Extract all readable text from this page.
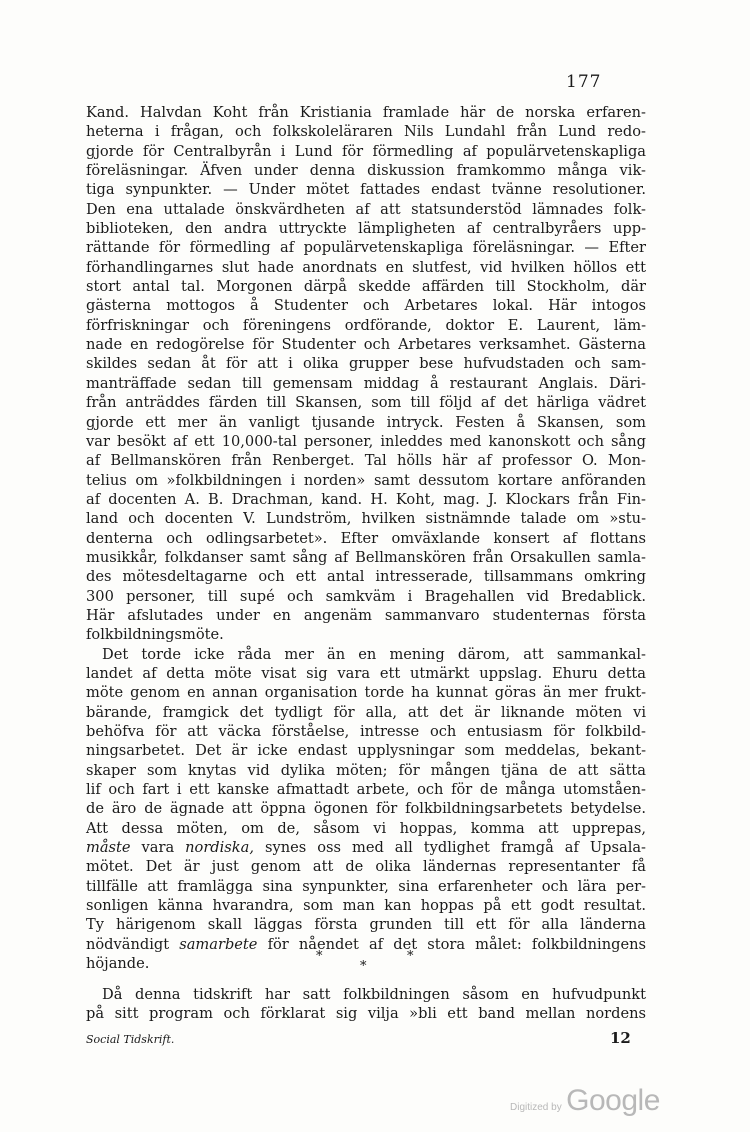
177
Kand. Halvdan Koht från Kristiania framlade här de norska erfaren-
heterna i frågan, och folkskoleläraren Nils Lundahl från Lund redo-
gjorde för Centralbyrån i Lund för förmedling af populärvetenskapliga
föreläsningar. Äfven under denna diskussion framkommo många vik-
tiga synpunkter. — Under mötet fattades endast tvänne resolutioner.
Den ena uttalade önskvärdheten af att statsunderstöd lämnades folk-
biblioteken, den andra uttryckte lämpligheten af centralbyråers upp-
rättande för förmedling af populärvetenskapliga föreläsningar. — Efter
förhandlingarnes slut hade anordnats en slutfest, vid hvilken höllos ett
stort antal tal. Morgonen därpå skedde affärden till Stockholm, där
gästerna mottogos å Studenter och Arbetares lokal. Här intogos
förfriskningar och föreningens ordförande, doktor E. Laurent, läm-
nade en redogörelse för Studenter och Arbetares verksamhet. Gästerna
skildes sedan åt för att i olika grupper bese hufvudstaden och sam-
manträffade sedan till gemensam middag å restaurant Anglais. Däri-
från anträddes färden till Skansen, som till följd af det härliga vädret
gjorde ett mer än vanligt tjusande intryck. Festen å Skansen, som
var besökt af ett 10,000-tal personer, inleddes med kanonskott och sång
af Bellmanskören från Renberget. Tal hölls här af professor O. Mon-
telius om »folkbildningen i norden» samt dessutom kortare anföranden
af docenten A. B. Drachman, kand. H. Koht, mag. J. Klockars från Fin-
land och docenten V. Lundström, hvilken sistnämnde talade om »stu-
denterna och odlingsarbetet». Efter omväxlande konsert af flottans
musikkår, folkdanser samt sång af Bellmanskören från Orsakullen samla-
des mötesdeltagarne och ett antal intresserade, tillsammans omkring
300 personer, till supé och samkväm i Bragehallen vid Bredablick.
Här afslutades under en angenäm sammanvaro studenternas första
folkbildningsmöte.
Det torde icke råda mer än en mening därom, att sammankal-
landet af detta möte visat sig vara ett utmärkt uppslag. Ehuru detta
möte genom en annan organisation torde ha kunnat göras än mer frukt-
bärande, framgick det tydligt för alla, att det är liknande möten vi
behöfva för att väcka förståelse, intresse och entusiasm för folkbild-
ningsarbetet. Det är icke endast upplysningar som meddelas, bekant-
skaper som knytas vid dylika möten; för mången tjäna de att sätta
lif och fart i ett kanske afmattadt arbete, och för de många utomståen-
de äro de ägnade att öppna ögonen för folkbildningsarbetets betydelse.
Att dessa möten, om de, såsom vi hoppas, komma att upprepas,
måste vara nordiska, synes oss med all tydlighet framgå af Upsala-
mötet. Det är just genom att de olika ländernas representanter få
tillfälle att framlägga sina synpunkter, sina erfarenheter och lära per-
sonligen känna hvarandra, som man kan hoppas på ett godt resultat.
Ty härigenom skall läggas första grunden till ett för alla länderna
nödvändigt samarbete för nåendet af det stora målet: folkbildningens
höjande.	*
*
*
Då denna tidskrift har satt folkbildningen såsom en hufvudpunkt
på sitt program och förklarat sig vilja »bli ett band mellan nordens
Social Tidskrift.	12
Digitized by Google
